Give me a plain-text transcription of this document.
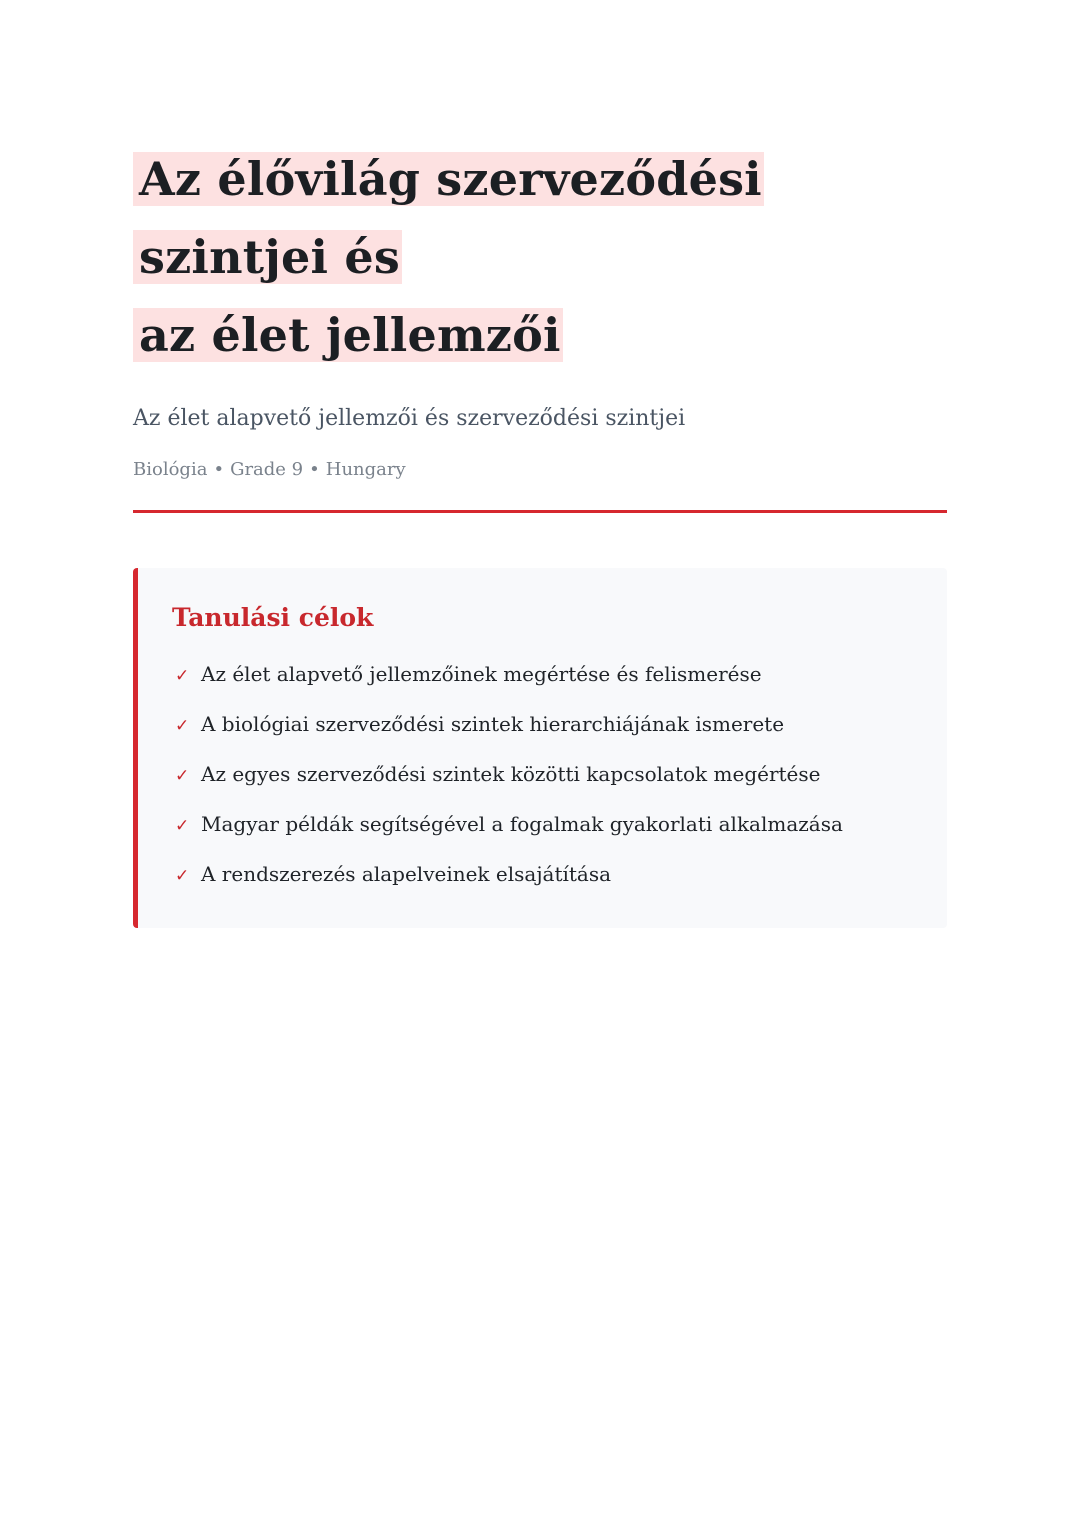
Az élővilág szerveződési szintjei és
az élet jellemzői
Az élet alapvető jellemzői és szerveződési szintjei
Biológia • Grade 9 • Hungary
Tanulási célok
✓ Az élet alapvető jellemzőinek megértése és felismerése
✓ A biológiai szerveződési szintek hierarchiájának ismerete
✓ Az egyes szerveződési szintek közötti kapcsolatok megértése
✓ Magyar példák segítségével a fogalmak gyakorlati alkalmazása
✓ A rendszerezés alapelveinek elsajátítása
